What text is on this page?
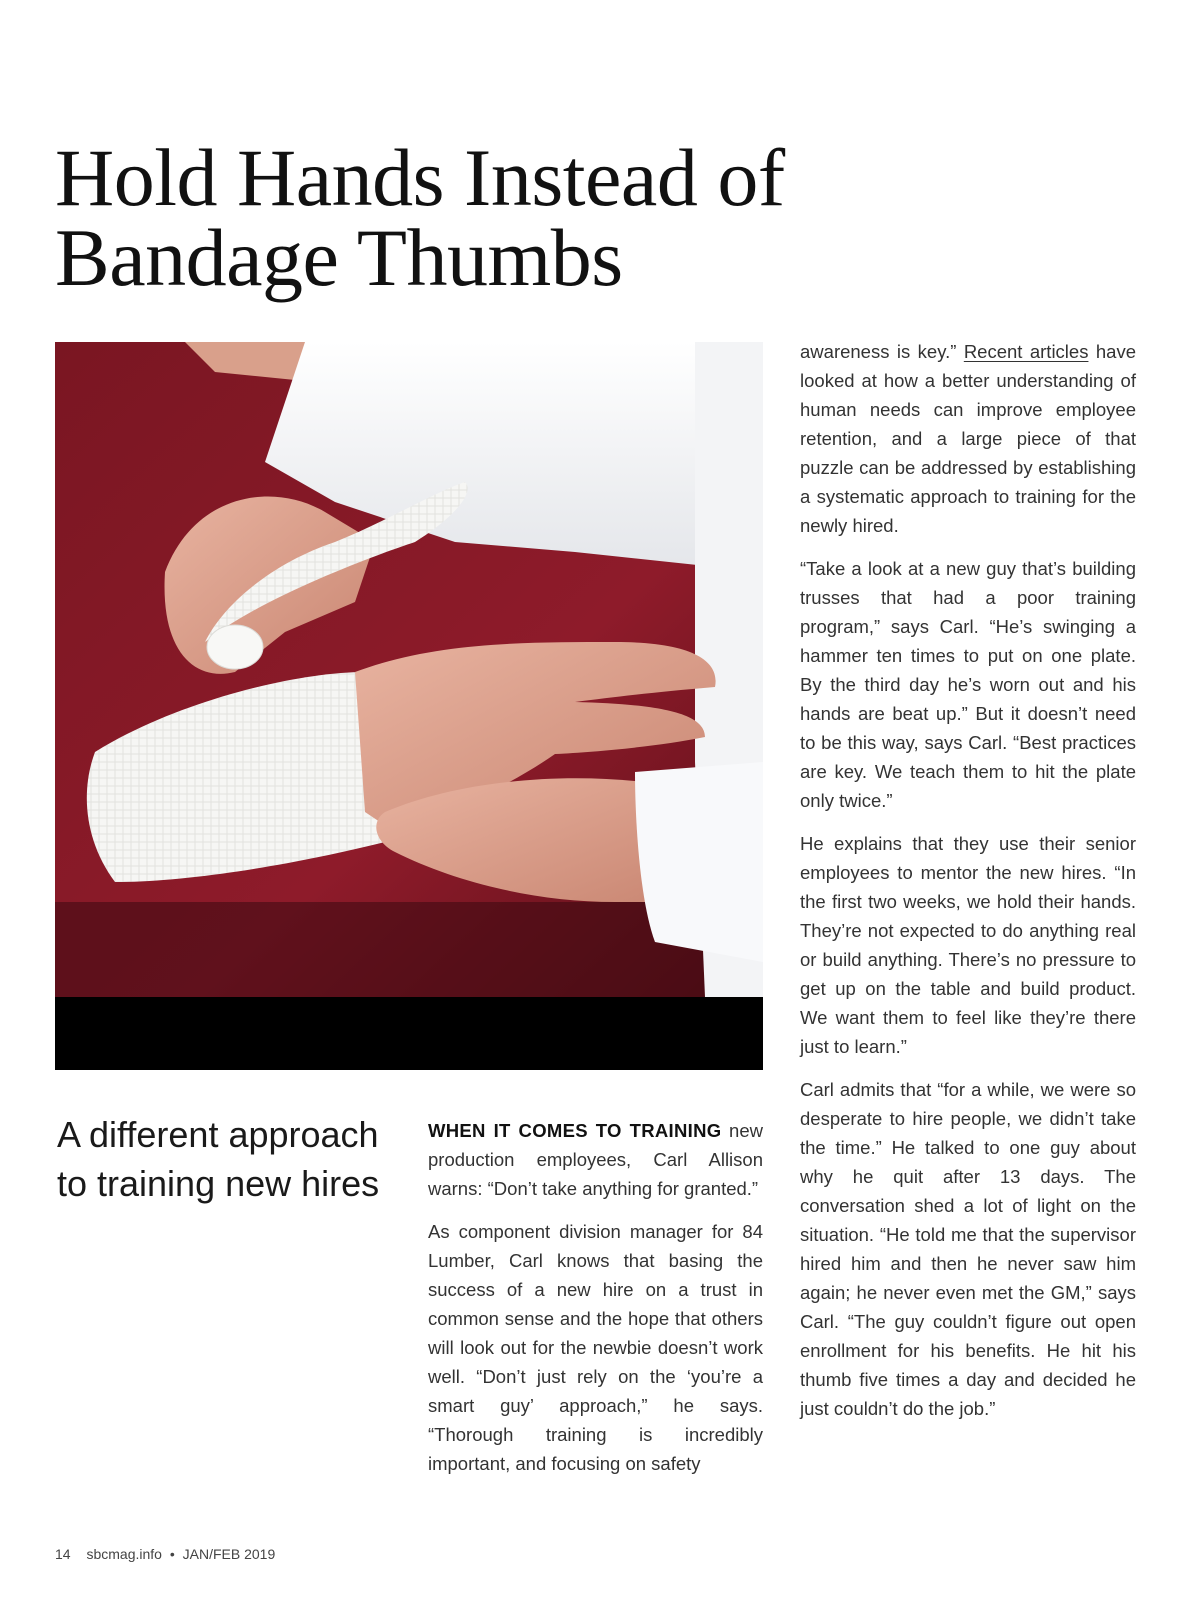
Hold Hands Instead of
Bandage Thumbs
A different approach
to training new hires

WHEN IT COMES TO TRAINING new production employees, Carl Allison warns: “Don’t take anything for granted.”

As component division manager for 84 Lumber, Carl knows that basing the success of a new hire on a trust in common sense and the hope that others will look out for the newbie doesn’t work well. “Don’t just rely on the ‘you’re a smart guy’ approach,” he says. “Thorough training is incredibly important, and focusing on safety

awareness is key.” Recent articles have looked at how a better understanding of human needs can improve employee retention, and a large piece of that puzzle can be addressed by establishing a systematic approach to training for the newly hired.

“Take a look at a new guy that’s building trusses that had a poor training program,” says Carl. “He’s swinging a hammer ten times to put on one plate. By the third day he’s worn out and his hands are beat up.” But it doesn’t need to be this way, says Carl. “Best practices are key. We teach them to hit the plate only twice.”

He explains that they use their senior employees to mentor the new hires. “In the first two weeks, we hold their hands. They’re not expected to do anything real or build anything. There’s no pressure to get up on the table and build product. We want them to feel like they’re there just to learn.”

Carl admits that “for a while, we were so desperate to hire people, we didn’t take the time.” He talked to one guy about why he quit after 13 days. The conversation shed a lot of light on the situation. “He told me that the supervisor hired him and then he never saw him again; he never even met the GM,” says Carl. “The guy couldn’t figure out open enrollment for his benefits. He hit his thumb five times a day and decided he just couldn’t do the job.”

14 sbcmag.info • JAN/FEB 2019
